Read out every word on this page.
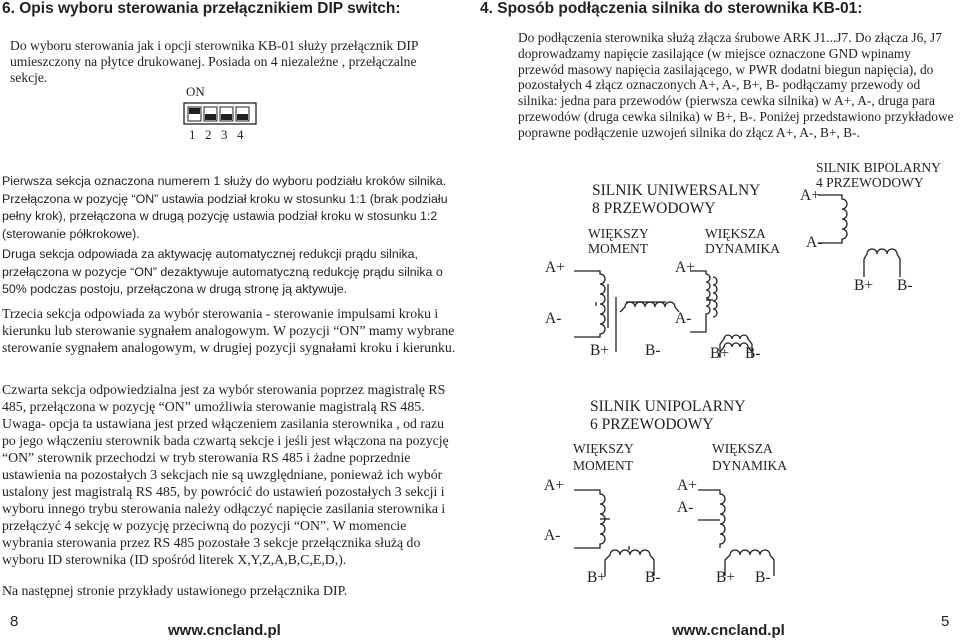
6. Opis wyboru sterowania przełącznikiem DIP switch:
Do wyboru sterowania jak i opcji sterownika KB-01 służy przełącznik DIP umieszczony na płytce drukowanej. Posiada on 4 niezależne , przełączalne sekcje.
ON
1 2 3 4
Pierwsza sekcja oznaczona numerem 1 służy do wyboru podziału kroków silnika. Przełączona w pozycję “ON” ustawia podział kroku w stosunku 1:1 (brak podziału pełny krok), przełączona w drugą pozycję ustawia podział kroku w stosunku 1:2 (sterowanie półkrokowe).
Druga sekcja odpowiada za aktywację automatycznej redukcji prądu silnika, przełączona w pozycje “ON” dezaktywuje automatyczną redukcję prądu silnika o 50% podczas postoju, przełączona w drugą stronę ją aktywuje.
Trzecia sekcja odpowiada za wybór sterowania - sterowanie impulsami kroku i kierunku lub sterowanie sygnałem analogowym. W pozycji “ON” mamy wybrane sterowanie sygnałem analogowym, w drugiej pozycji sygnałami kroku i kierunku.
Czwarta sekcja odpowiedzialna jest za wybór sterowania poprzez magistralę RS 485, przełączona w pozycję “ON” umożliwia sterowanie magistralą RS 485. Uwaga- opcja ta ustawiana jest przed włączeniem zasilania sterownika , od razu po jego włączeniu sterownik bada czwartą sekcje i jeśli jest włączona na pozycję “ON” sterownik przechodzi w tryb sterowania RS 485 i żadne poprzednie ustawienia na pozostałych 3 sekcjach nie są uwzględniane, ponieważ ich wybór ustalony jest magistralą RS 485, by powrócić do ustawień pozostałych 3 sekcji i wyboru innego trybu sterowania należy odłączyć napięcie zasilania sterownika i przełączyć 4 sekcję w pozycję przeciwną do pozycji “ON”. W momencie wybrania sterowania przez RS 485 pozostałe 3 sekcje przełącznika służą do wyboru ID sterownika (ID spośród literek X,Y,Z,A,B,C,E,D,).
Na następnej stronie przykłady ustawionego przełącznika DIP.
8
www.cncland.pl
4. Sposób podłączenia silnika do sterownika KB-01:
Do podłączenia sterownika służą złącza śrubowe ARK J1...J7. Do złącza J6, J7 doprowadzamy napięcie zasilające (w miejsce oznaczone GND wpinamy przewód masowy napięcia zasilającego, w PWR dodatni biegun napięcia), do pozostałych 4 złącz oznaczonych A+, A-, B+, B- podłączamy przewody od silnika: jedna para przewodów (pierwsza cewka silnika) w A+, A-, druga para przewodów (druga cewka silnika) w B+, B-. Poniżej przedstawiono przykładowe poprawne podłączenie uzwojeń silnika do złącz A+, A-, B+, B-.
SILNIK UNIWERSALNY
8 PRZEWODOWY
WIĘKSZY
MOMENT
WIĘKSZA
DYNAMIKA
SILNIK BIPOLARNY
4 PRZEWODOWY
SILNIK UNIPOLARNY
6 PRZEWODOWY
WIĘKSZY
MOMENT
WIĘKSZA
DYNAMIKA
A+
A-
B+ B-
A+
A-
B+ B-
A+
A-
B+ B-
A+
A-
B+	B-
A+
A-
B+ B-
www.cncland.pl
5
